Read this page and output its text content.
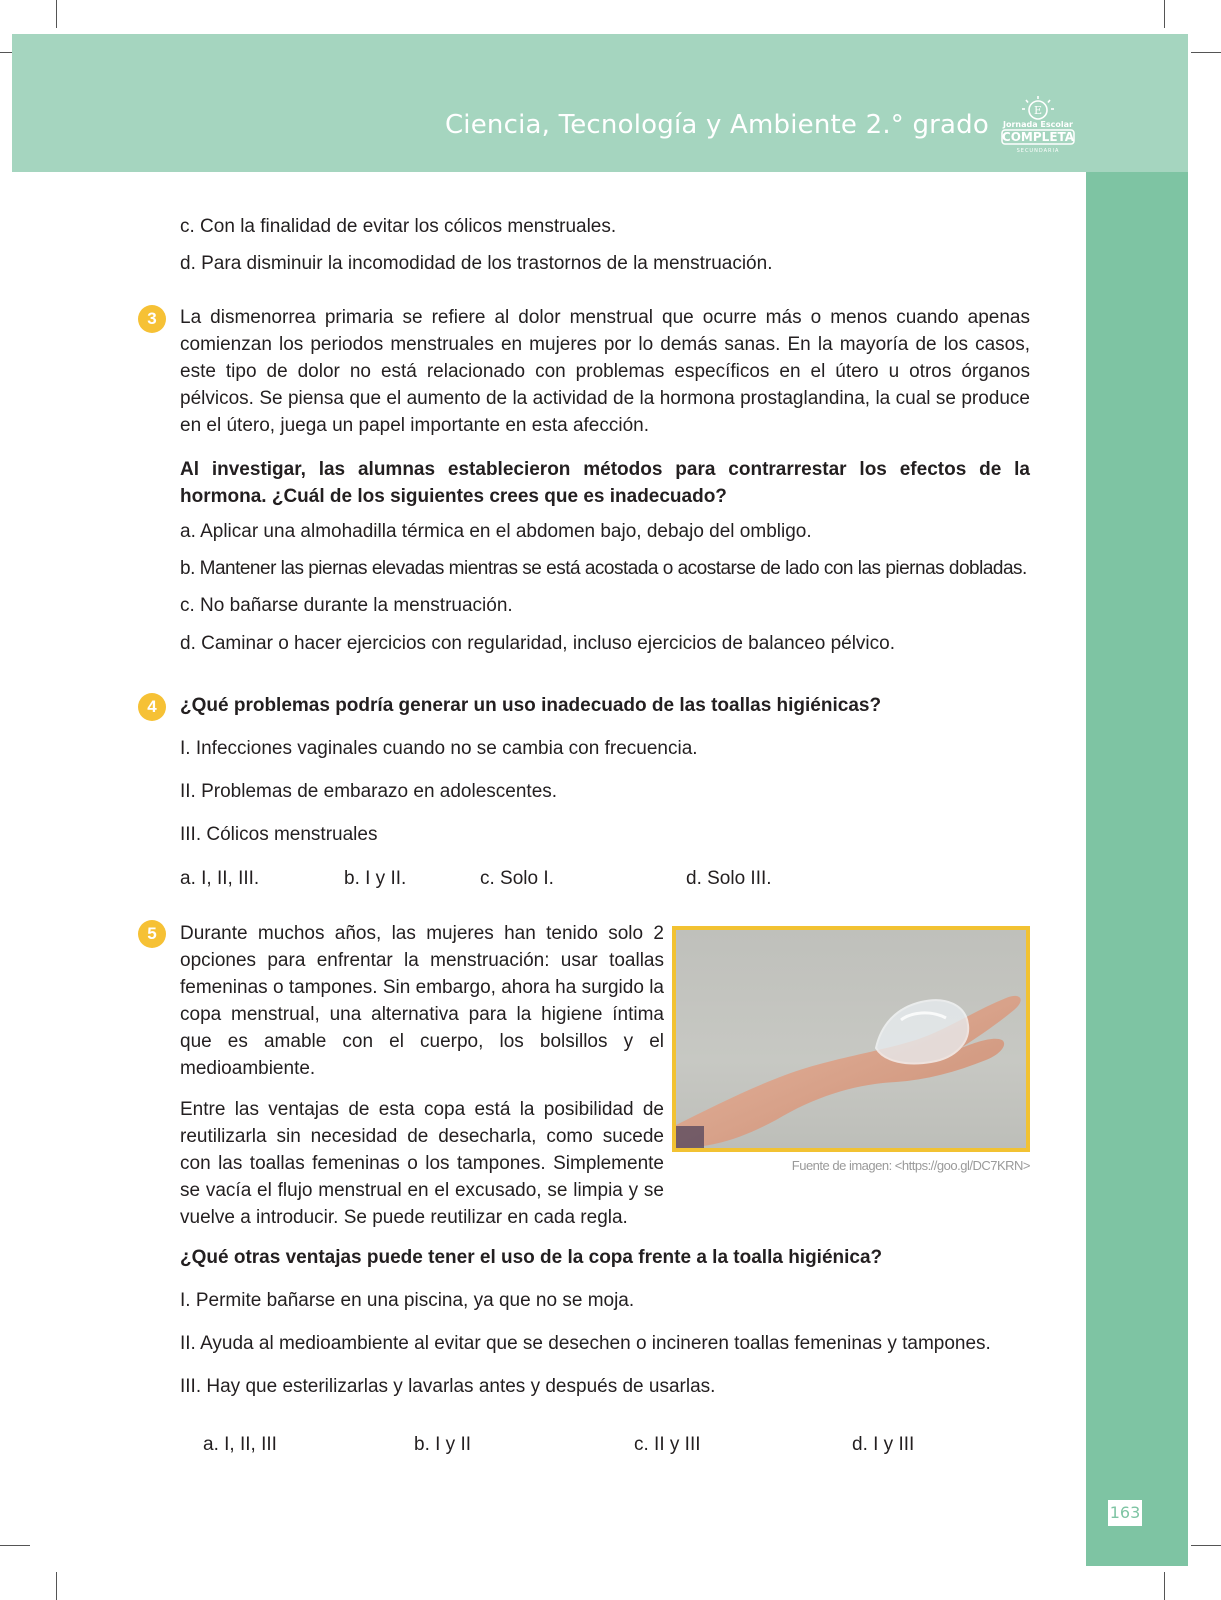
Ciencia, Tecnología y Ambiente 2.° grado	E
Jornada Escolar
COMPLETA
SECUNDARIA
163
c. Con la finalidad de evitar los cólicos menstruales.
d. Para disminuir la incomodidad de los trastornos de la menstruación.
3	La dismenorrea primaria se refiere al dolor menstrual que ocurre más o menos cuando apenas comienzan los periodos menstruales en mujeres por lo demás sanas. En la mayoría de los casos, este tipo de dolor no está relacionado con problemas específicos en el útero u otros órganos pélvicos. Se piensa que el aumento de la actividad de la hormona prostaglandina, la cual se produce en el útero, juega un papel importante en esta afección.
Al investigar, las alumnas establecieron métodos para contrarrestar los efectos de la hormona. ¿Cuál de los siguientes crees que es inadecuado?
a. Aplicar una almohadilla térmica en el abdomen bajo, debajo del ombligo.
b. Mantener las piernas elevadas mientras se está acostada o acostarse de lado con las piernas dobladas.
c. No bañarse durante la menstruación.
d. Caminar o hacer ejercicios con regularidad, incluso ejercicios de balanceo pélvico.
4	¿Qué problemas podría generar un uso inadecuado de las toallas higiénicas?
I. Infecciones vaginales cuando no se cambia con frecuencia.
II. Problemas de embarazo en adolescentes.
III. Cólicos menstruales
a. I, II, III.	b. I y II.	c. Solo I.	d. Solo III.
5	Durante muchos años, las mujeres han tenido solo 2 opciones para enfrentar la menstruación: usar toallas femeninas o tampones. Sin embargo, ahora ha surgido la copa menstrual, una alternativa para la higiene íntima que es amable con el cuerpo, los bolsillos y el medioambiente.
Entre las ventajas de esta copa está la posibilidad de reutilizarla sin necesidad de desecharla, como sucede con las toallas femeninas o los tampones. Simplemente se vacía el flujo menstrual en el excusado, se limpia y se vuelve a introducir. Se puede reutilizar en cada regla.
Fuente de imagen: <https://goo.gl/DC7KRN>
¿Qué otras ventajas puede tener el uso de la copa frente a la toalla higiénica?
I. Permite bañarse en una piscina, ya que no se moja.
II. Ayuda al medioambiente al evitar que se desechen o incineren toallas femeninas y tampones.
III. Hay que esterilizarlas y lavarlas antes y después de usarlas.
a. I, II, III	b. I y II	c. II y III	d. I y III
